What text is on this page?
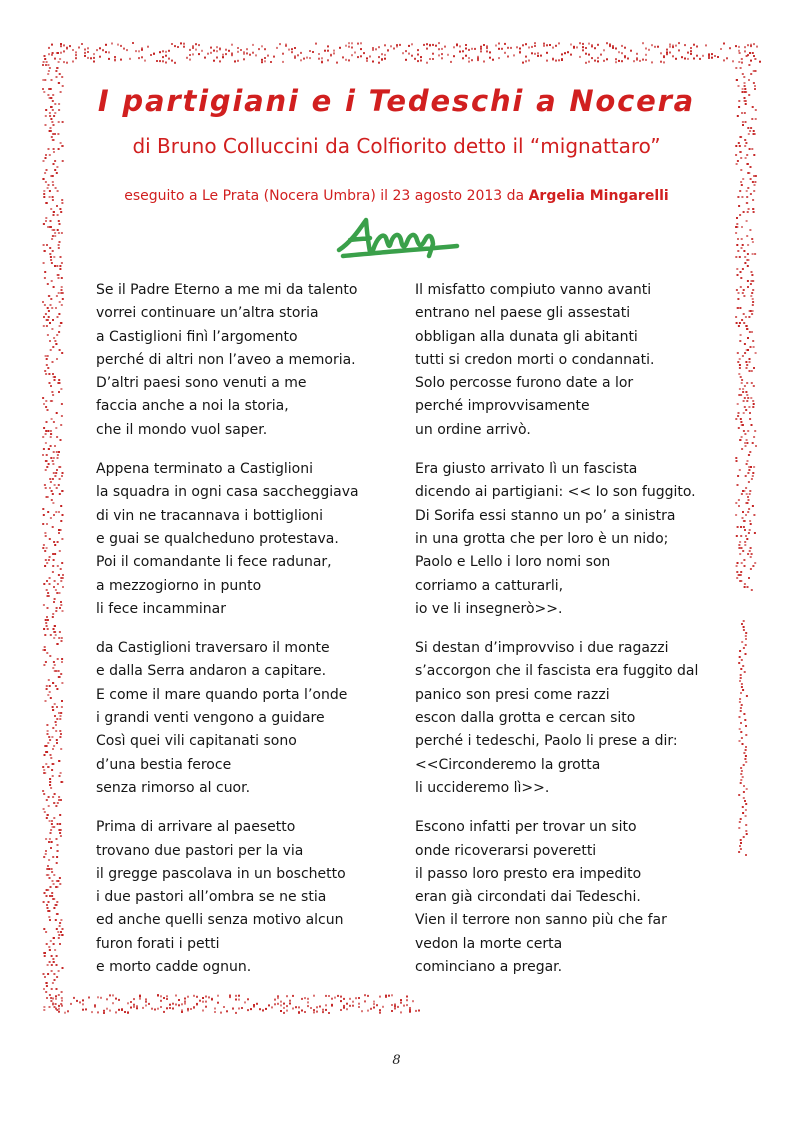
I partigiani e i Tedeschi a Nocera
di Bruno Colluccini da Colfiorito detto il “mignattaro”
eseguito a Le Prata (Nocera Umbra) il 23 agosto 2013 da Argelia Mingarelli

Se il Padre Eterno a me mi da talento
vorrei continuare un’altra storia
a Castiglioni finì l’argomento
perché di altri non l’aveo a memoria.
D’altri paesi sono venuti a me
faccia anche a noi la storia,
che il mondo vuol saper.

Appena terminato a Castiglioni
la squadra in ogni casa saccheggiava
di vin ne tracannava i bottiglioni
e guai se qualcheduno protestava.
Poi il comandante li fece radunar,
a mezzogiorno in punto
li fece incamminar

da Castiglioni traversaro il monte
e dalla Serra andaron a capitare.
E come il mare quando porta l’onde
i grandi venti vengono a guidare
Così quei vili capitanati sono
d’una bestia feroce
senza rimorso al cuor.

Prima di arrivare al paesetto
trovano due pastori per la via
il gregge pascolava in un boschetto
i due pastori all’ombra se ne stia
ed anche quelli senza motivo alcun
furon forati i petti
e morto cadde ognun.

Il misfatto compiuto vanno avanti
entrano nel paese gli assestati
obbligan alla dunata gli abitanti
tutti si credon morti o condannati.
Solo percosse furono date a lor
perché improvvisamente
un ordine arrivò.

Era giusto arrivato lì un fascista
dicendo ai partigiani: << Io son fuggito.
Di Sorifa essi stanno un po’ a sinistra
in una grotta che per loro è un nido;
Paolo e Lello i loro nomi son
corriamo a catturarli,
io ve li insegnerò>>.

Si destan d’improvviso i due ragazzi
s’accorgon che il fascista era fuggito dal
panico son presi come razzi
escon dalla grotta e cercan sito
perché i tedeschi, Paolo li prese a dir:
<<Circonderemo la grotta
li uccideremo lì>>.

Escono infatti per trovar un sito
onde ricoverarsi poveretti
il passo loro presto era impedito
eran già circondati dai Tedeschi.
Vien il terrore non sanno più che far
vedon la morte certa
cominciano a pregar.

8
